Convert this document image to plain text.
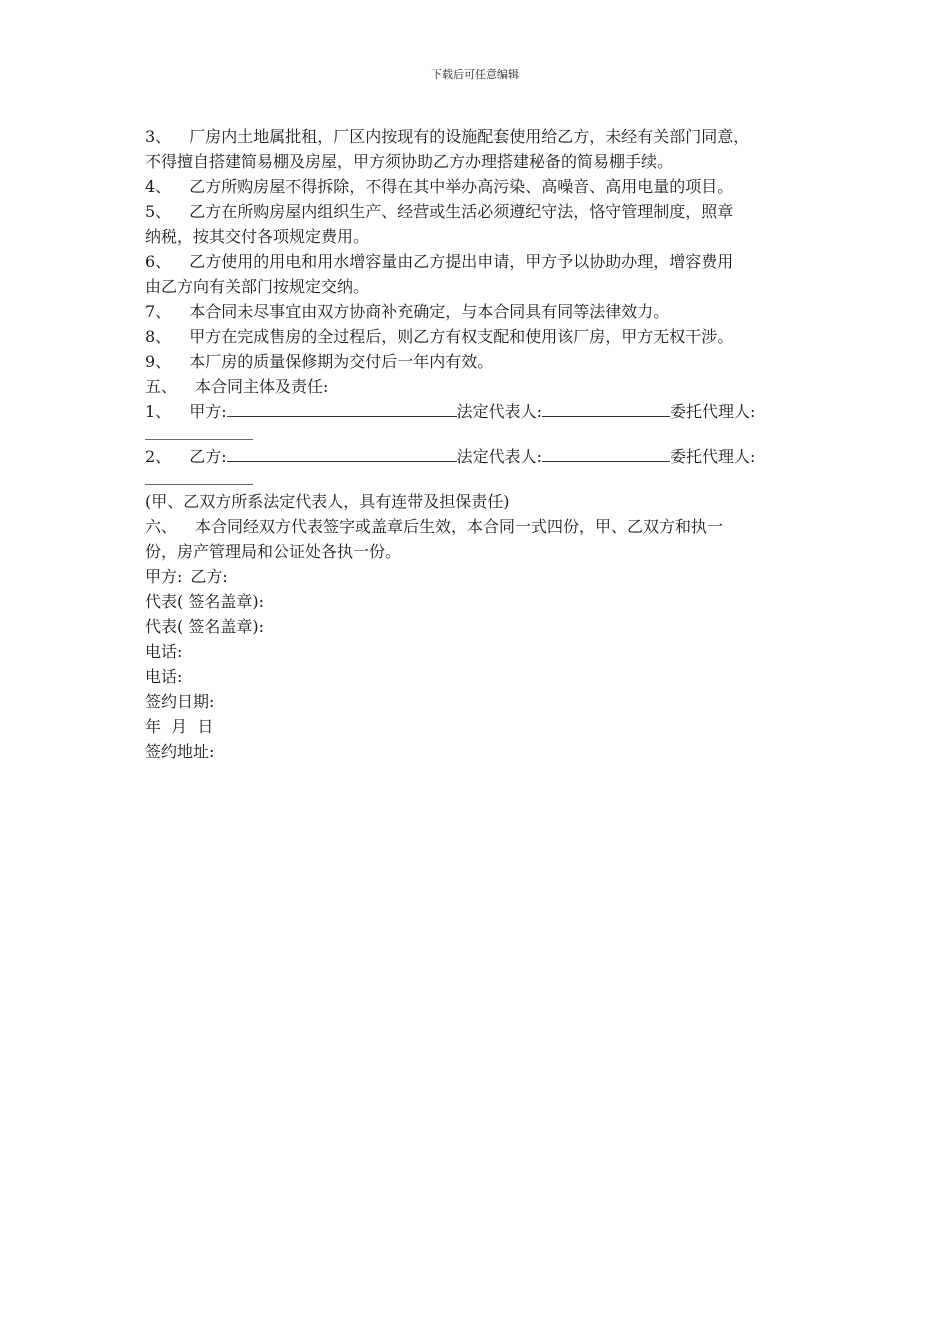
下载后可任意编辑

3、 厂房内土地属批租，厂区内按现有的设施配套使用给乙方，未经有关部门同意，

不得擅自搭建简易棚及房屋，甲方须协助乙方办理搭建秘备的简易棚手续。

4、 乙方所购房屋不得拆除，不得在其中举办高污染、高噪音、高用电量的项目。

5、 乙方在所购房屋内组织生产、经营或生活必须遵纪守法，恪守管理制度，照章

纳税，按其交付各项规定费用。

6、 乙方使用的用电和用水增容量由乙方提出申请，甲方予以协助办理，增容费用

由乙方向有关部门按规定交纳。

7、 本合同未尽事宜由双方协商补充确定，与本合同具有同等法律效力。

8、 甲方在完成售房的全过程后，则乙方有权支配和使用该厂房，甲方无权干涉。

9、 本厂房的质量保修期为交付后一年内有效。

五、 本合同主体及责任:

1、 甲方:	法定代表人:	委托代理人:
2、 乙方:	法定代表人:	委托代理人:

(甲、乙双方所系法定代表人，具有连带及担保责任)

六、 本合同经双方代表签字或盖章后生效，本合同一式四份，甲、乙双方和执一

份，房产管理局和公证处各执一份。

甲方: 乙方:

代表( 签名盖章):

代表( 签名盖章):

电话:

电话:

签约日期:

年  月  日

签约地址:
